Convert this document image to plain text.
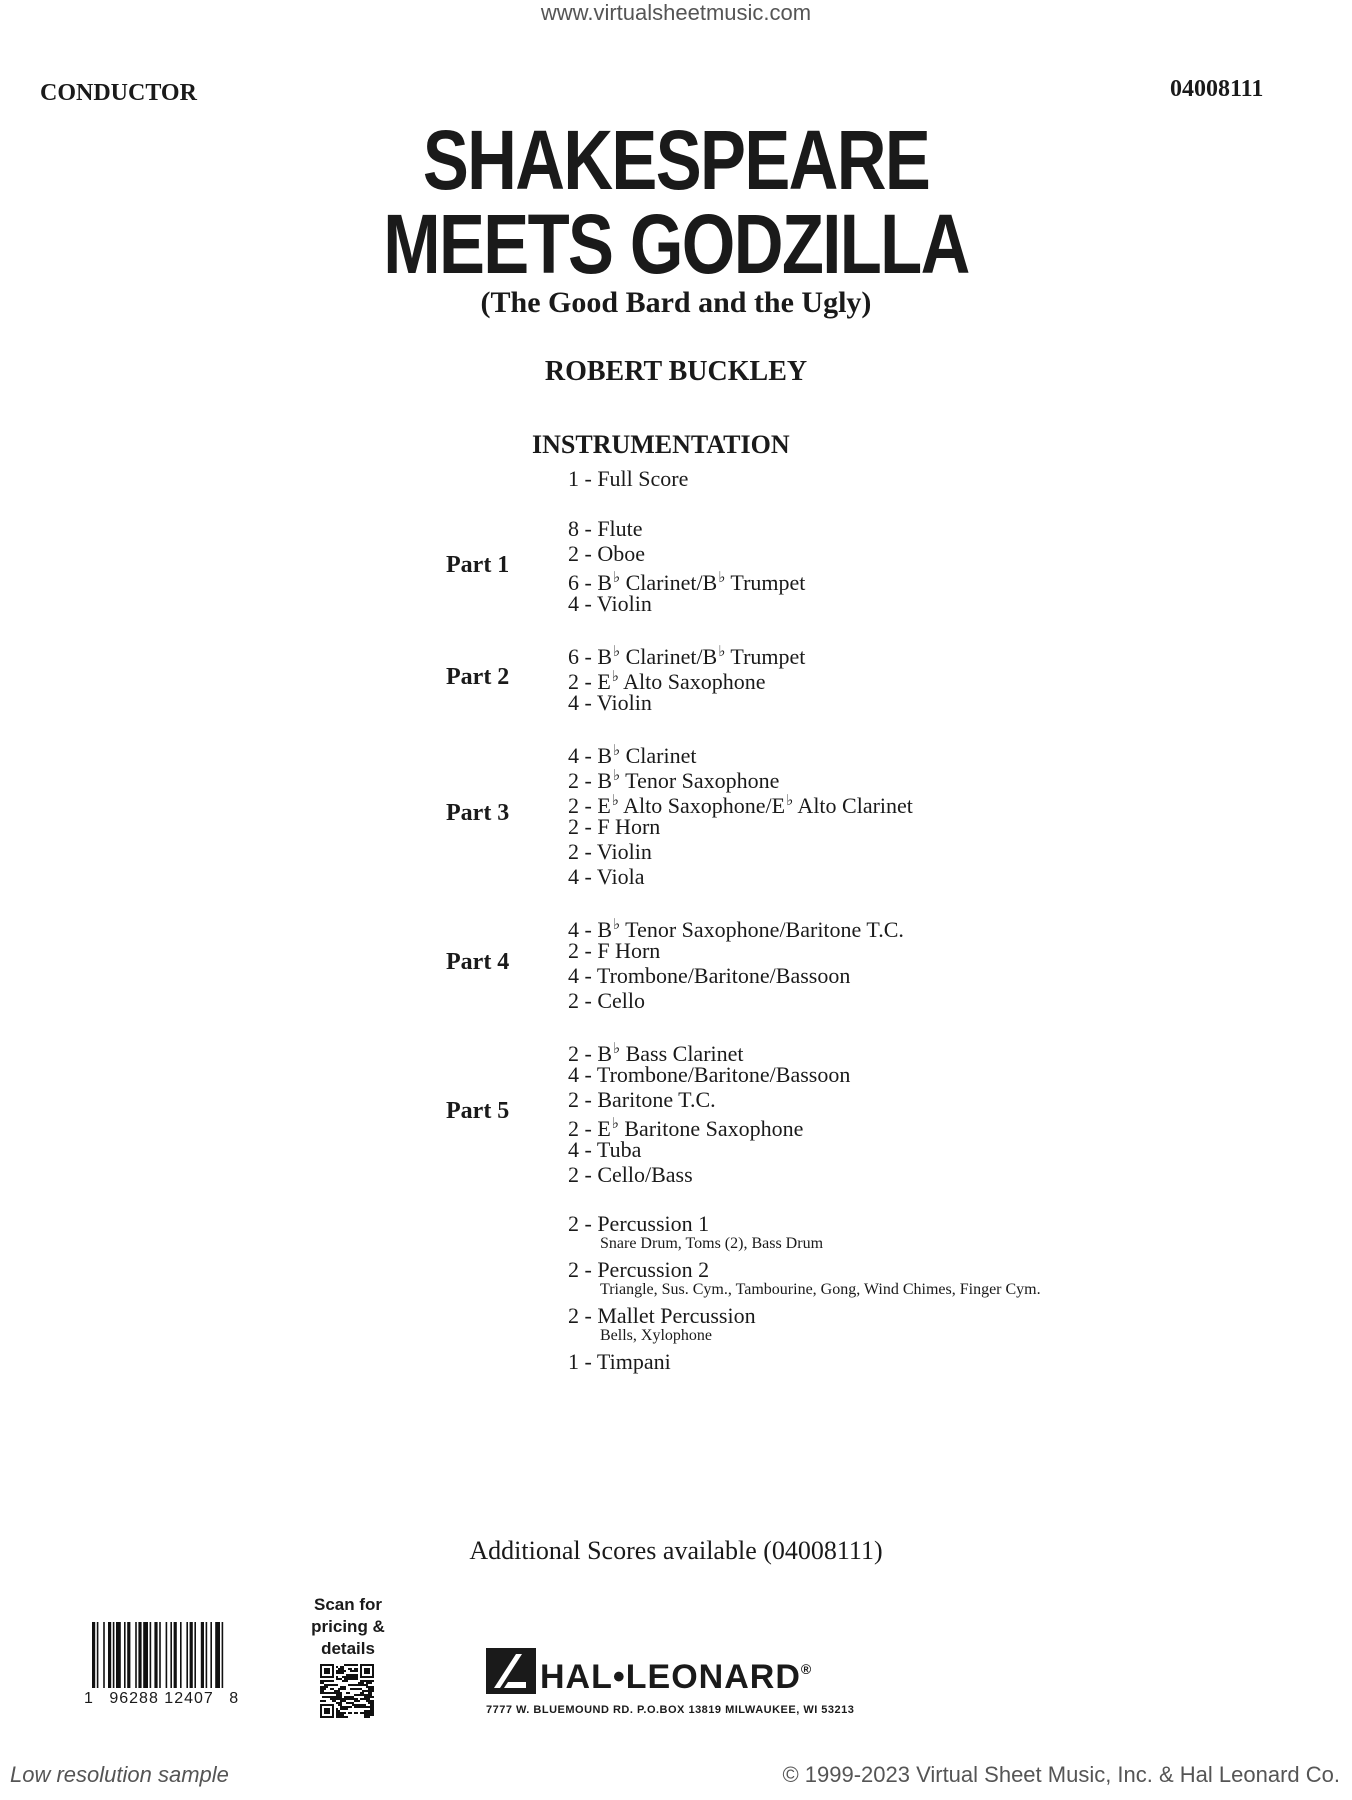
www.virtualsheetmusic.com
CONDUCTOR	04008111
SHAKESPEARE
MEETS GODZILLA
(The Good Bard and the Ugly)
ROBERT BUCKLEY
INSTRUMENTATION
1 - Full Score
Part 1
8 - Flute
2 - Oboe
6 - B♭ Clarinet/B♭ Trumpet
4 - Violin
Part 2
6 - B♭ Clarinet/B♭ Trumpet
2 - E♭ Alto Saxophone
4 - Violin
Part 3
4 - B♭ Clarinet
2 - B♭ Tenor Saxophone
2 - E♭ Alto Saxophone/E♭ Alto Clarinet
2 - F Horn
2 - Violin
4 - Viola
Part 4
4 - B♭ Tenor Saxophone/Baritone T.C.
2 - F Horn
4 - Trombone/Baritone/Bassoon
2 - Cello
Part 5
2 - B♭ Bass Clarinet
4 - Trombone/Baritone/Bassoon
2 - Baritone T.C.
2 - E♭ Baritone Saxophone
4 - Tuba
2 - Cello/Bass
2 - Percussion 1
Snare Drum, Toms (2), Bass Drum
2 - Percussion 2
Triangle, Sus. Cym., Tambourine, Gong, Wind Chimes, Finger Cym.
2 - Mallet Percussion
Bells, Xylophone
1 - Timpani
Additional Scores available (04008111)
1 96288 12407 8
Scan for
pricing &
details
HAL•LEONARD®
7777 W. BLUEMOUND RD. P.O.BOX 13819 MILWAUKEE, WI 53213
Low resolution sample	© 1999-2023 Virtual Sheet Music, Inc. & Hal Leonard Co.
